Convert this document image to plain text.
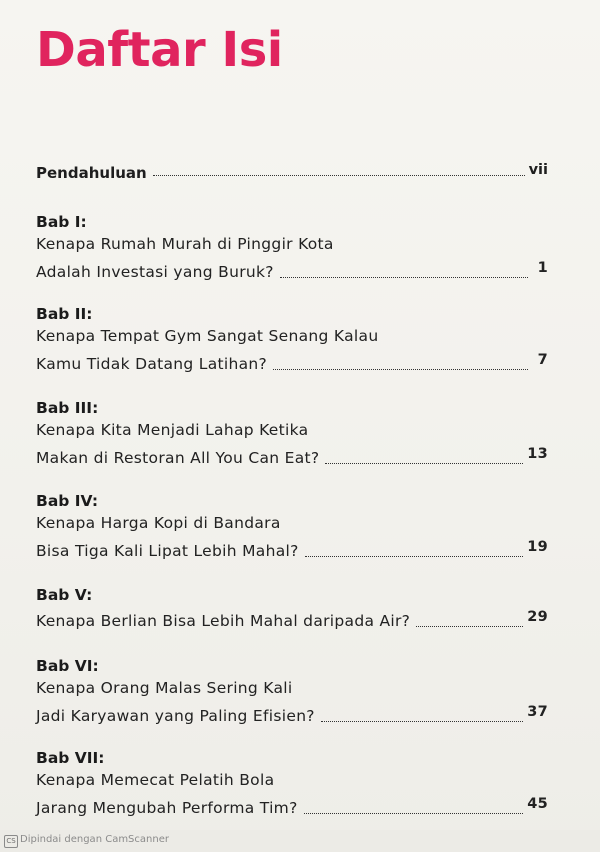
Daftar Isi
Pendahuluan	vii
Bab I:
Kenapa Rumah Murah di Pinggir Kota
Adalah Investasi yang Buruk?	1
Bab II:
Kenapa Tempat Gym Sangat Senang Kalau
Kamu Tidak Datang Latihan?	7
Bab III:
Kenapa Kita Menjadi Lahap Ketika
Makan di Restoran All You Can Eat?	13
Bab IV:
Kenapa Harga Kopi di Bandara
Bisa Tiga Kali Lipat Lebih Mahal?	19
Bab V:
Kenapa Berlian Bisa Lebih Mahal daripada Air?	29
Bab VI:
Kenapa Orang Malas Sering Kali
Jadi Karyawan yang Paling Efisien?	37
Bab VII:
Kenapa Memecat Pelatih Bola
Jarang Mengubah Performa Tim?	45
CS Dipindai dengan CamScanner
